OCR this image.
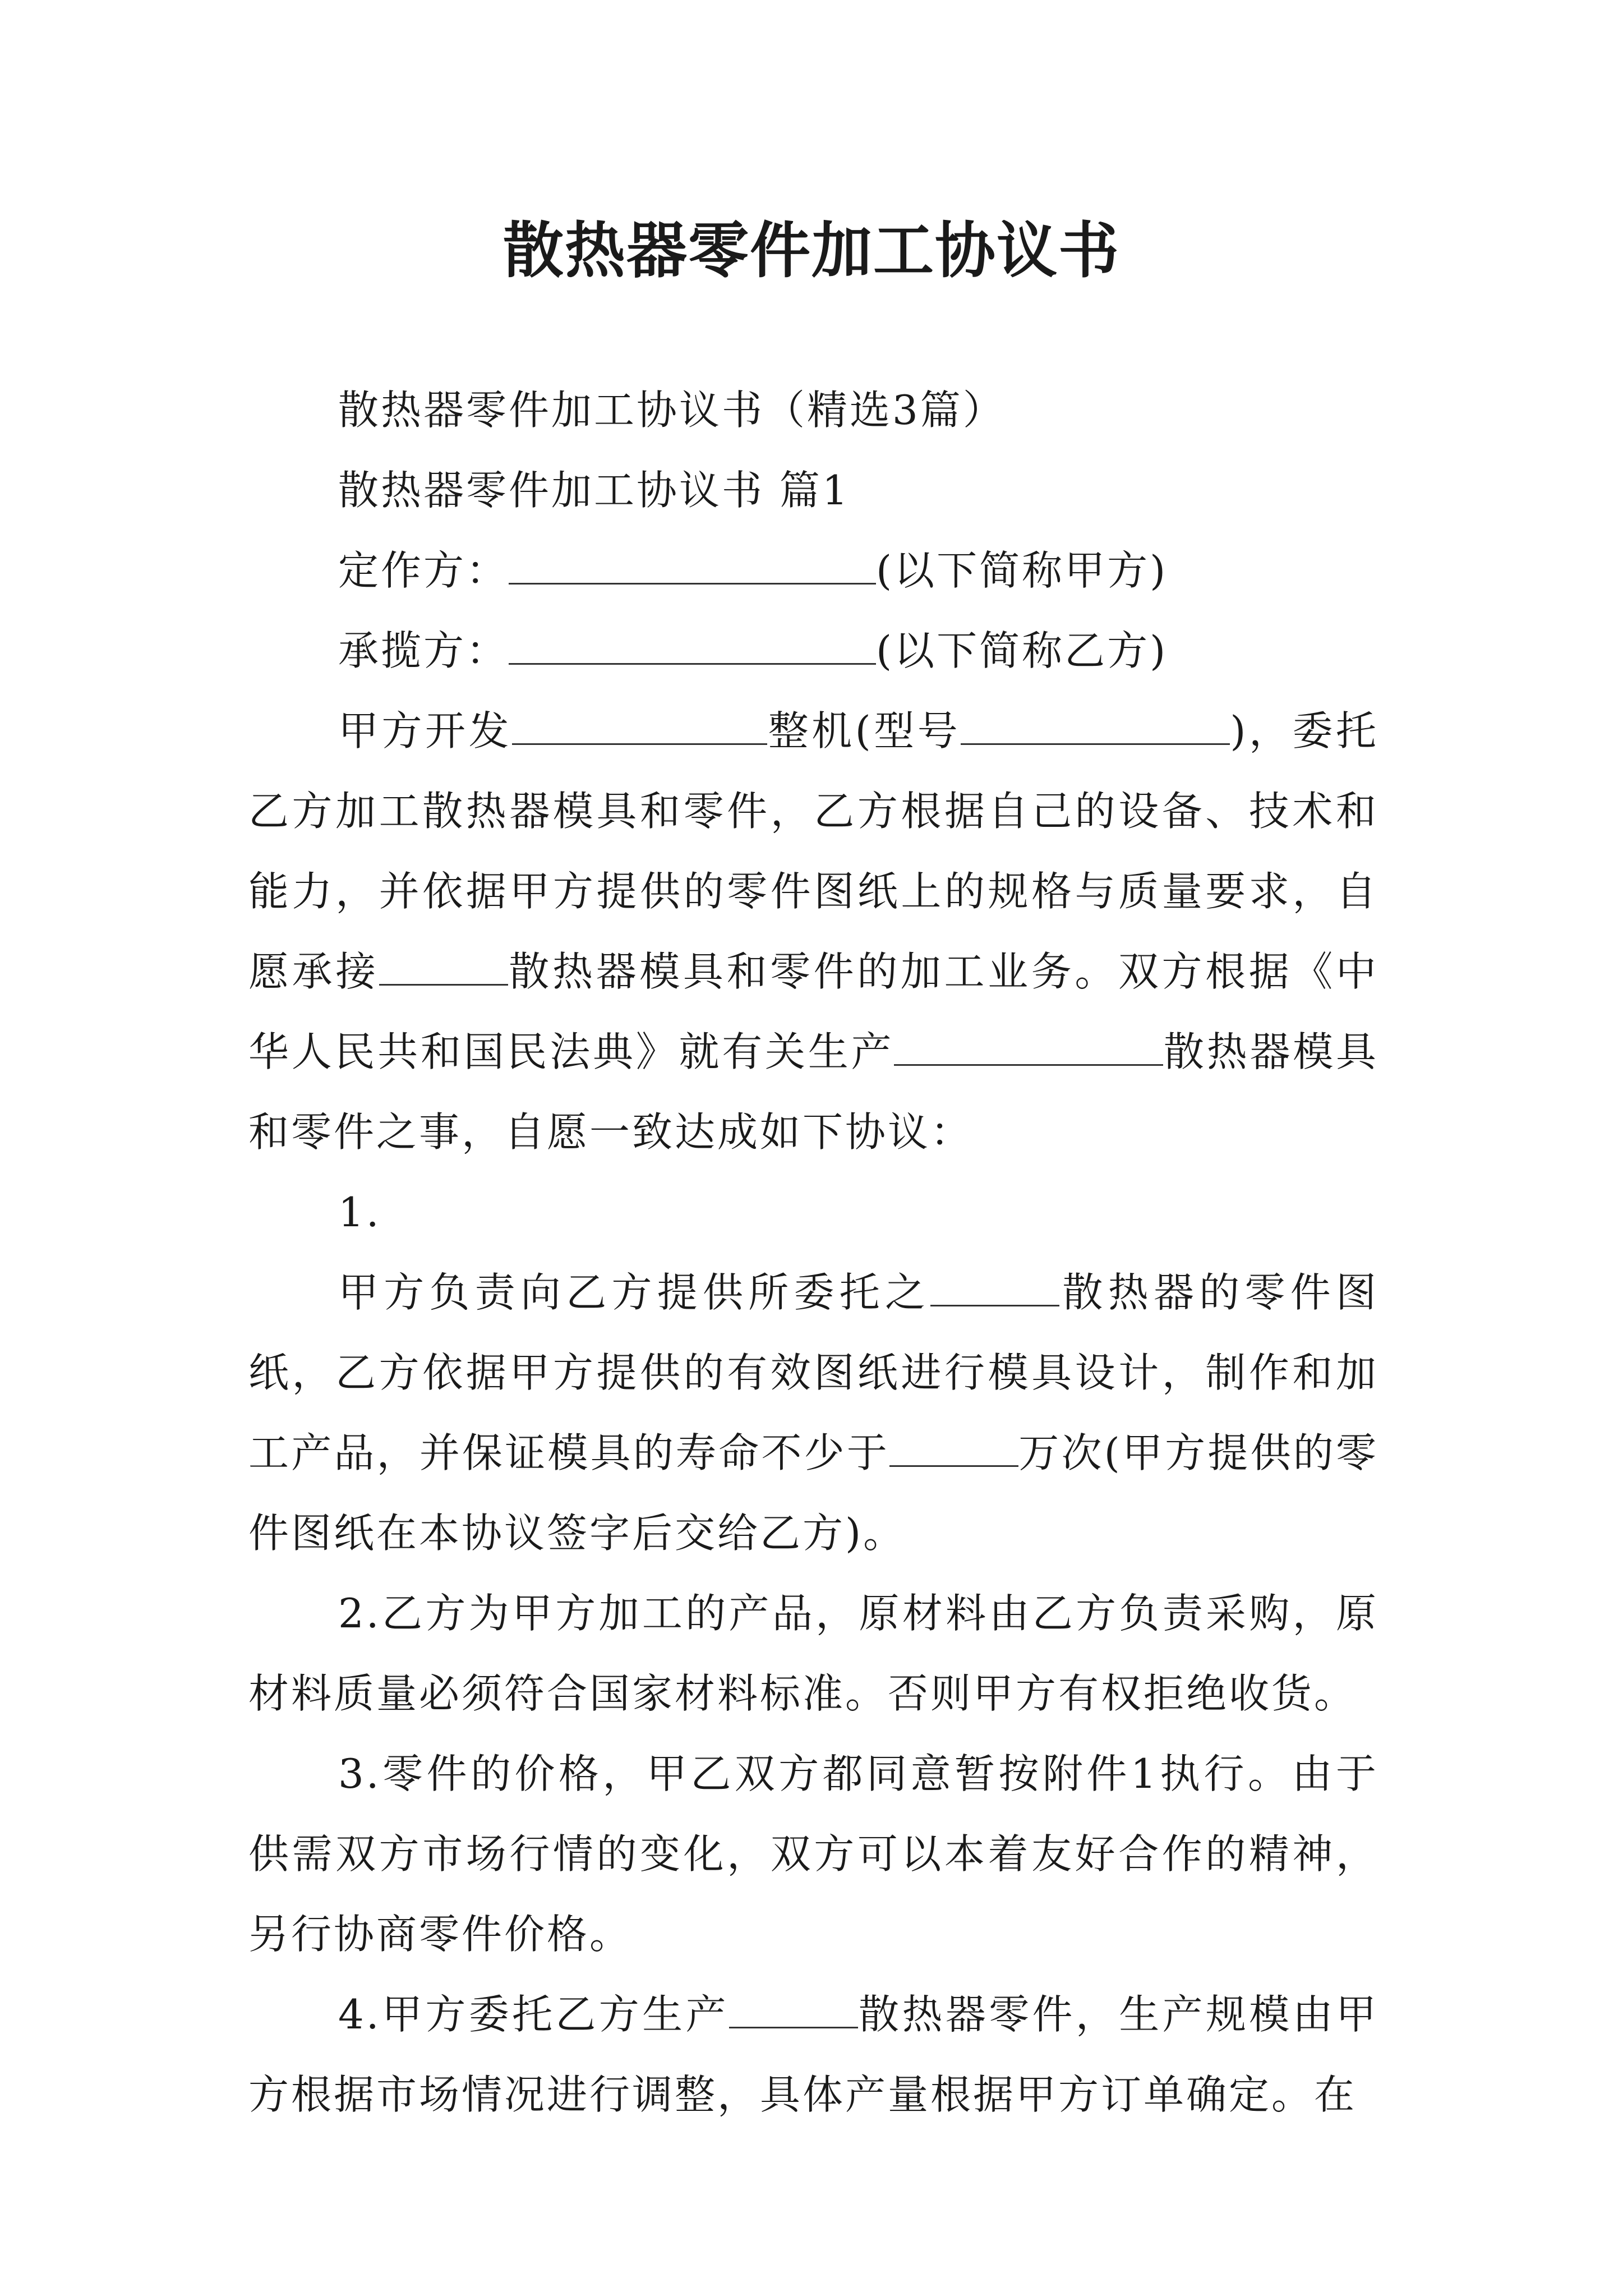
散热器零件加工协议书

散热器零件加工协议书（精选3篇）

散热器零件加工协议书 篇1

定作方：	(以下简称甲方)

承揽方：	(以下简称乙方)

甲方开发	整机(型号	)，委托乙方加工散热器模具和零件，乙方根据自己的设备、技术和能力，并依据甲方提供的零件图纸上的规格与质量要求，自愿承接	散热器模具和零件的加工业务。双方根据《中华人民共和国民法典》就有关生产	散热器模具和零件之事，自愿一致达成如下协议：

1.

甲方负责向乙方提供所委托之	散热器的零件图纸，乙方依据甲方提供的有效图纸进行模具设计，制作和加工产品，并保证模具的寿命不少于	万次(甲方提供的零件图纸在本协议签字后交给乙方)。

2.乙方为甲方加工的产品，原材料由乙方负责采购，原材料质量必须符合国家材料标准。否则甲方有权拒绝收货。

3.零件的价格，甲乙双方都同意暂按附件1执行。由于供需双方市场行情的变化，双方可以本着友好合作的精神，另行协商零件价格。

4.甲方委托乙方生产	散热器零件，生产规模由甲方根据市场情况进行调整，具体产量根据甲方订单确定。在
